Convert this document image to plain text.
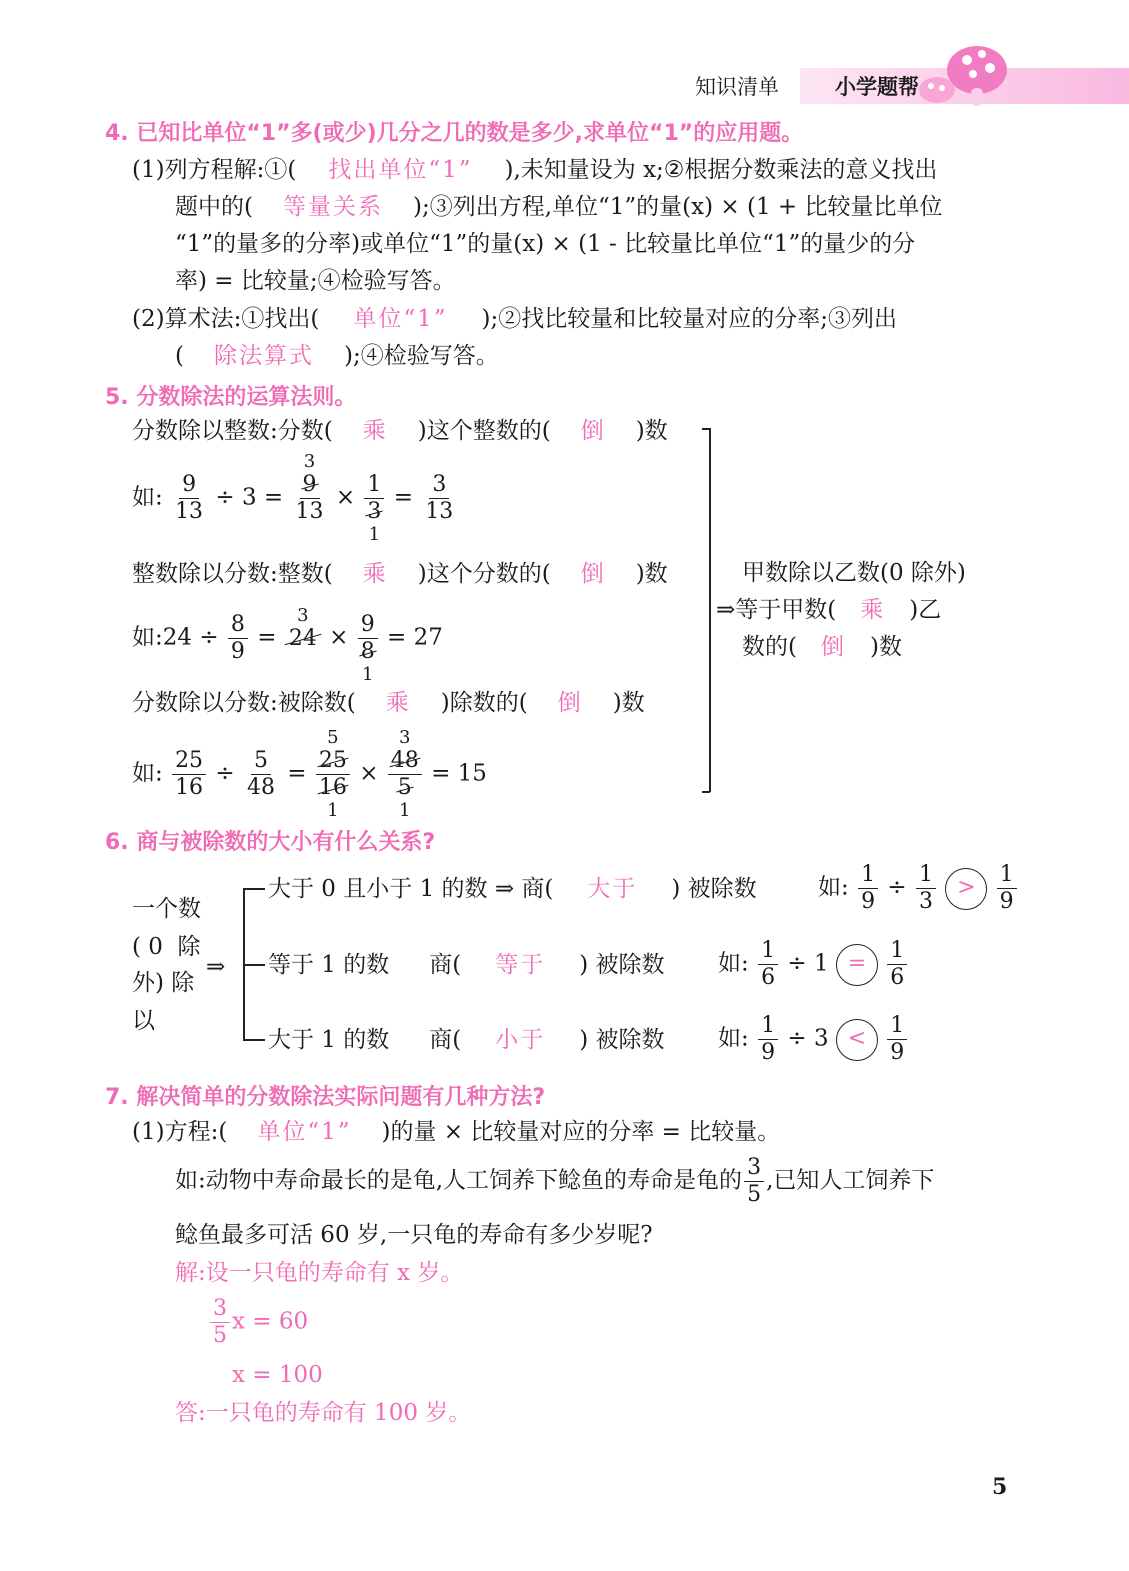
知识清单	小学题帮
4. 已知比单位“1”多(或少)几分之几的数是多少,求单位“1”的应用题。
(1)列方程解:①( 找出单位“1” ),未知量设为 x;②根据分数乘法的意义找出
题中的( 等量关系 );③列出方程,单位“1”的量(x) × (1 + 比较量比单位
“1”的量多的分率)或单位“1”的量(x) × (1 - 比较量比单位“1”的量少的分
率) = 比较量;④检验写答。
(2)算术法:①找出( 单位“1” );②找比较量和比较量对应的分率;③列出
( 除法算式 );④检验写答。
5. 分数除法的运算法则。
分数除以整数:分数( 乘 )这个整数的( 倒 )数
如: $\frac{9}{13} \div 3$ =
3
9
13
× 1
3
1
= $\frac{3}{13}$
整数除以分数:整数( 乘 )这个分数的( 倒 )数
如:24 ÷ $\frac{8}{9}$ =
3
24 × 9
8
1
= 27
分数除以分数:被除数( 乘 )除数的( 倒 )数
如: $\frac{25}{16} \div \frac{5}{48}$ =
5
25
16
1
×
3
48
5
1
= 15
甲数除以乙数(0 除外)
⇒等于甲数( 乘 )乙
数的( 倒 )数
6. 商与被除数的大小有什么关系?
一个数
( 0  除
外) 除
以
⇒
大于 0 且小于 1 的数 ⇒ 商( 大于 ) 被除数	如: $\frac{1}{9} \div \frac{1}{3} > \frac{1}{9}$
等于 1 的数 商( 等于 ) 被除数 如: $\frac{1}{6} \div 1 = \frac{1}{6}$
大于 1 的数 商( 小于 ) 被除数 如: $\frac{1}{9} \div 3 < \frac{1}{9}$
7. 解决简单的分数除法实际问题有几种方法?
(1)方程:( 单位“1” )的量 × 比较量对应的分率 = 比较量。
如:动物中寿命最长的是龟,人工饲养下鲶鱼的寿命是龟的 $\frac{3}{5}$ ,已知人工饲养下
鲶鱼最多可活 60 岁,一只龟的寿命有多少岁呢?
解:设一只龟的寿命有 x 岁。
$\frac{3}{5}$ x = 60
x = 100
答:一只龟的寿命有 100 岁。
5
